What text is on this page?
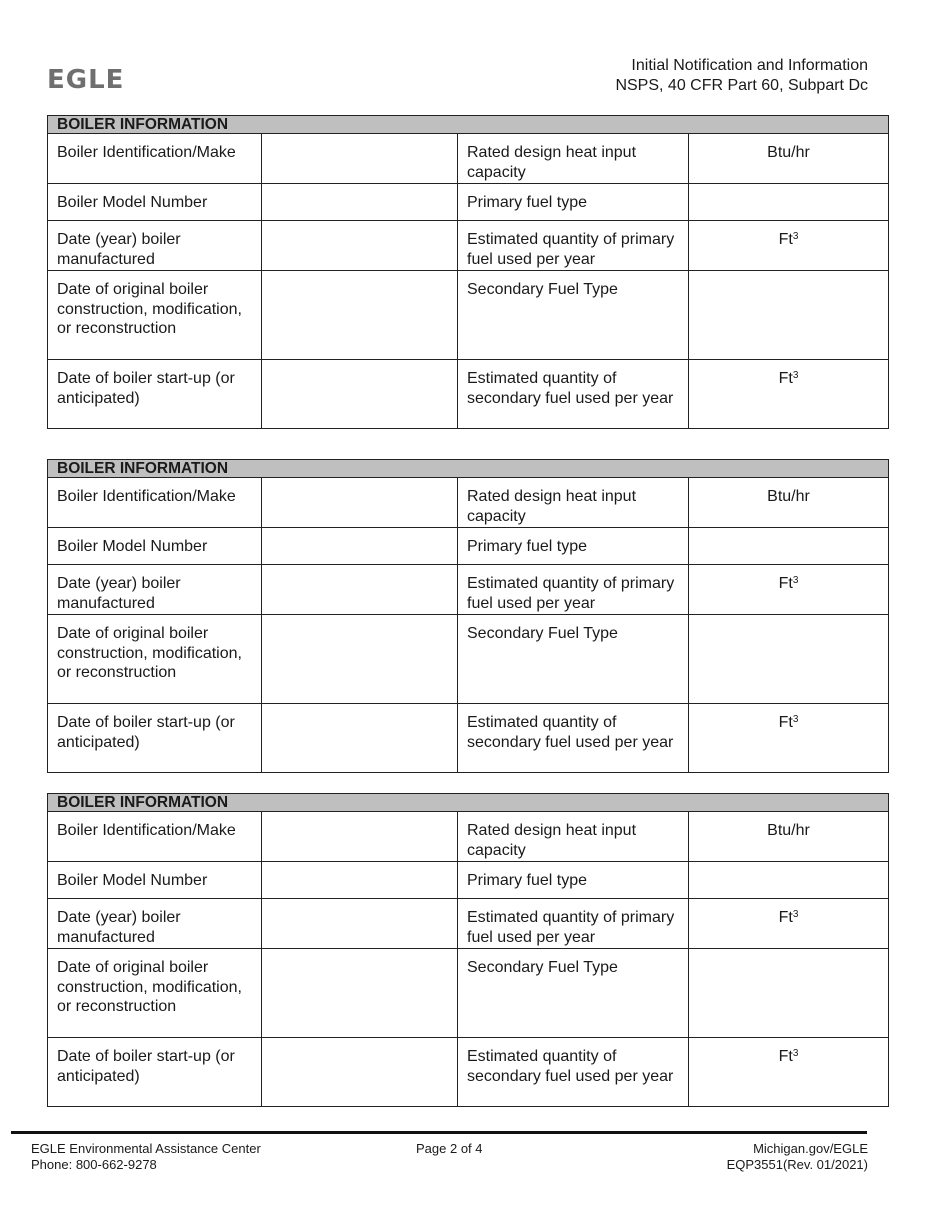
EGLE	Initial Notification and Information
NSPS, 40 CFR Part 60, Subpart Dc
BOILER INFORMATION			
Boiler Identification/Make		Rated design heat input capacity	Btu/hr
Boiler Model Number		Primary fuel type	
Date (year) boiler manufactured		Estimated quantity of primary fuel used per year	Ft$^3$
Date of original boiler construction, modification, or reconstruction		Secondary Fuel Type	
Date of boiler start-up (or anticipated)		Estimated quantity of secondary fuel used per year	Ft$^3$
BOILER INFORMATION			
Boiler Identification/Make		Rated design heat input capacity	Btu/hr
Boiler Model Number		Primary fuel type	
Date (year) boiler manufactured		Estimated quantity of primary fuel used per year	Ft$^3$
Date of original boiler construction, modification, or reconstruction		Secondary Fuel Type	
Date of boiler start-up (or anticipated)		Estimated quantity of secondary fuel used per year	Ft$^3$
BOILER INFORMATION			
Boiler Identification/Make		Rated design heat input capacity	Btu/hr
Boiler Model Number		Primary fuel type	
Date (year) boiler manufactured		Estimated quantity of primary fuel used per year	Ft$^3$
Date of original boiler construction, modification, or reconstruction		Secondary Fuel Type	
Date of boiler start-up (or anticipated)		Estimated quantity of secondary fuel used per year	Ft$^3$
EGLE Environmental Assistance Center
Phone: 800-662-9278
Page 2 of 4	Michigan.gov/EGLE
EQP3551(Rev. 01/2021)
